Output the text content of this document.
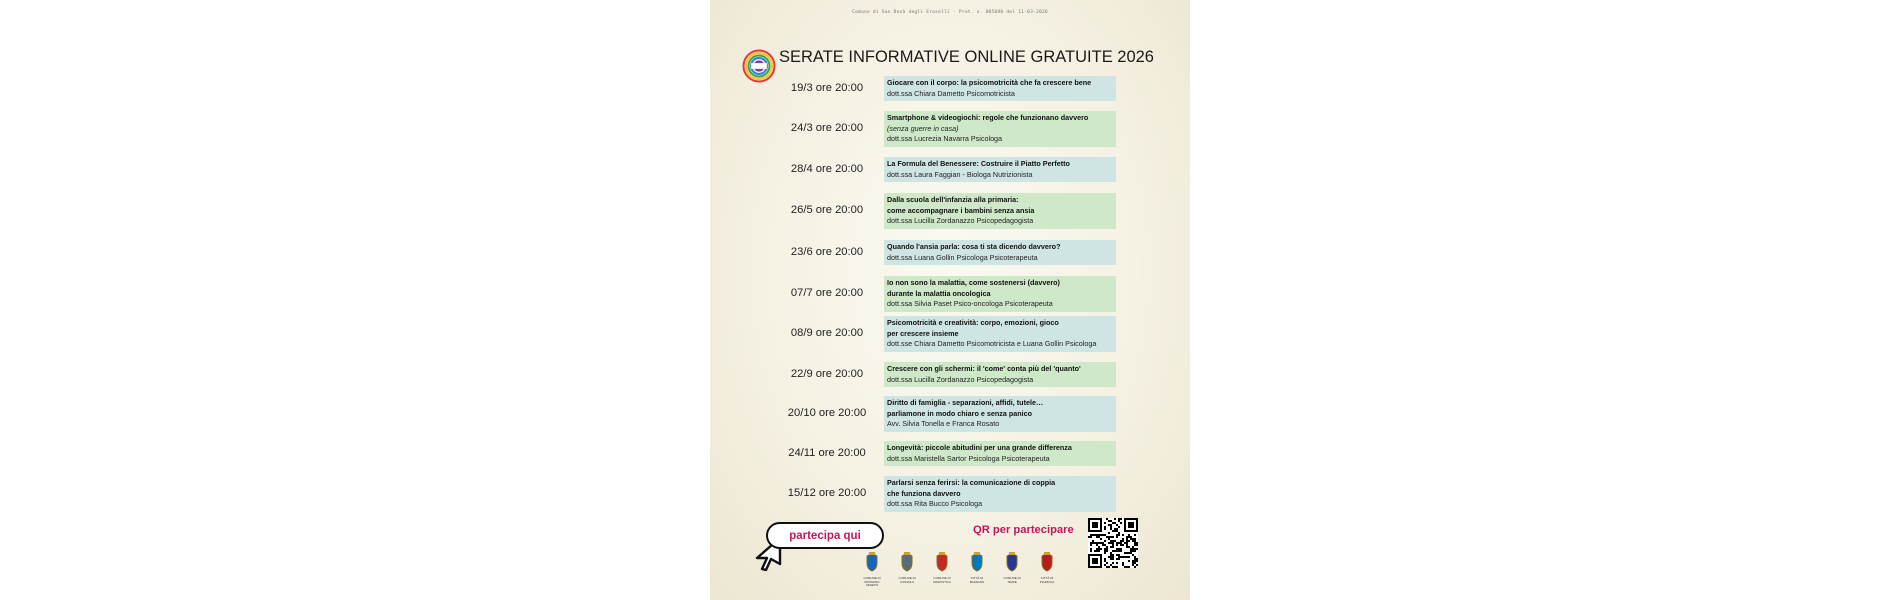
Comune di San Donà degli Eroselli - Prot. n. 005090 del 11-03-2026
SERATE INFORMATIVE ONLINE GRATUITE 2026
19/3 ore 20:00	Giocare con il corpo: la psicomotricità che fa crescere bene
dott.ssa Chiara Dametto Psicomotricista
24/3 ore 20:00
Smartphone & videogiochi: regole che funzionano davvero
(senza guerre in casa)
dott.ssa Lucrezia Navarra Psicologa
28/4 ore 20:00	La Formula del Benessere: Costruire il Piatto Perfetto
dott.ssa Laura Faggian - Biologa Nutrizionista
26/5 ore 20:00
Dalla scuola dell'infanzia alla primaria:
come accompagnare i bambini senza ansia
dott.ssa Lucilla Zordanazzo Psicopedagogista
23/6 ore 20:00	Quando l'ansia parla: cosa ti sta dicendo davvero?
dott.ssa Luana Gollin Psicologa Psicoterapeuta
07/7 ore 20:00
Io non sono la malattia, come sostenersi (davvero)
durante la malattia oncologica
dott.ssa Silvia Paset Psico-oncologa Psicoterapeuta
08/9 ore 20:00
Psicomotricità e creatività: corpo, emozioni, gioco
per crescere insieme
dott.sse Chiara Dametto Psicomotricista e Luana Gollin Psicologa
22/9 ore 20:00	Crescere con gli schermi: il 'come' conta più del 'quanto'
dott.ssa Lucilla Zordanazzo Psicopedagogista
20/10 ore 20:00
Diritto di famiglia - separazioni, affidi, tutele…
parliamone in modo chiaro e senza panico
Avv. Silvia Tonella e Franca Rosato
24/11 ore 20:00	Longevità: piccole abitudini per una grande differenza
dott.ssa Maristella Sartor Psicologa Psicoterapeuta
15/12 ore 20:00
Parlarsi senza ferirsi: la comunicazione di coppia
che funziona davvero
dott.ssa Rita Bucco Psicologa
partecipa qui	QR per partecipare
COMUNE DI ROSSANO VENETO
COMUNE DI CASSOLA
COMUNE DI MAROSTICA
CITTÀ DI BASSANO
COMUNE DI TEZZE
CITTÀ DI PIAZZOLA
